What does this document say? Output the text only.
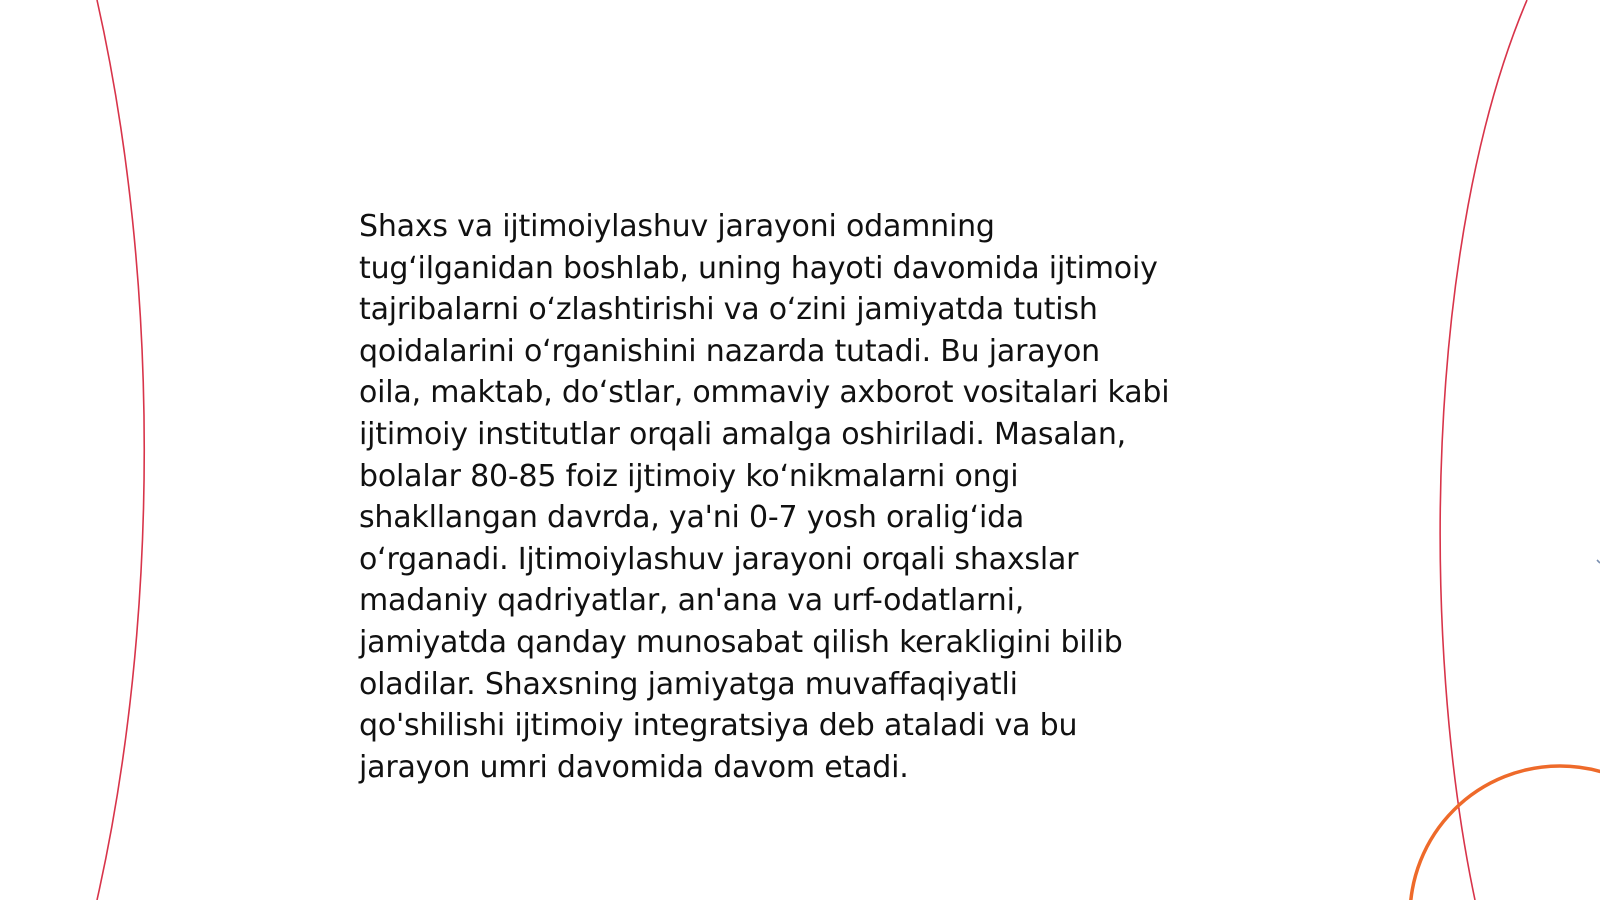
Shaxs va ijtimoiylashuv jarayoni odamning
tug‘ilganidan boshlab, uning hayoti davomida ijtimoiy
tajribalarni o‘zlashtirishi va o‘zini jamiyatda tutish
qoidalarini o‘rganishini nazarda tutadi. Bu jarayon
oila, maktab, do‘stlar, ommaviy axborot vositalari kabi
ijtimoiy institutlar orqali amalga oshiriladi. Masalan,
bolalar 80-85 foiz ijtimoiy ko‘nikmalarni ongi
shakllangan davrda, ya'ni 0-7 yosh oralig‘ida
o‘rganadi. Ijtimoiylashuv jarayoni orqali shaxslar
madaniy qadriyatlar, an'ana va urf-odatlarni,
jamiyatda qanday munosabat qilish kerakligini bilib
oladilar. Shaxsning jamiyatga muvaffaqiyatli
qo'shilishi ijtimoiy integratsiya deb ataladi va bu
jarayon umri davomida davom etadi.
